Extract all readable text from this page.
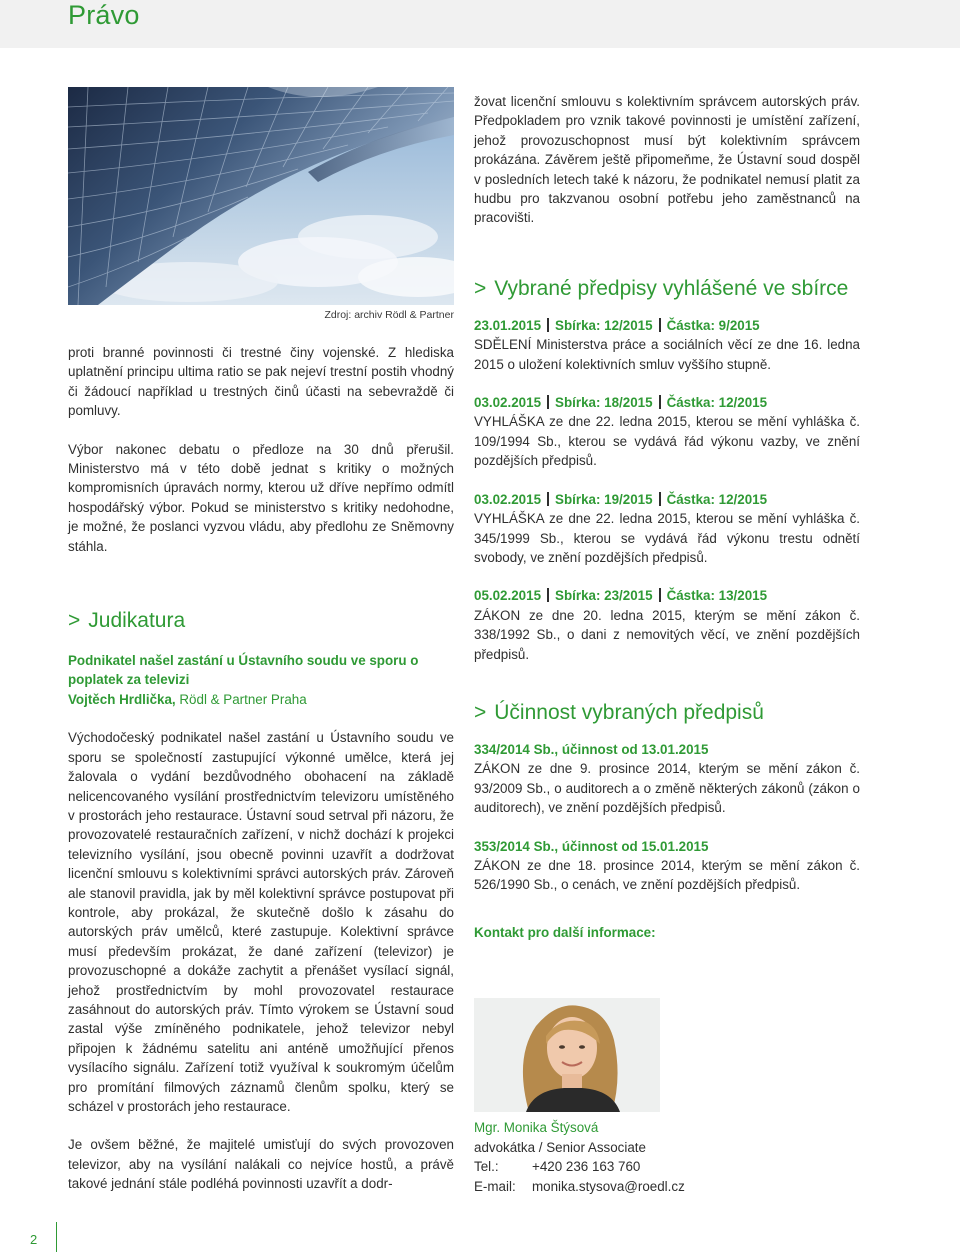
Právo
Zdroj: archiv Rödl & Partner

proti branné povinnosti či trestné činy vojenské. Z hlediska uplatnění principu ultima ratio se pak nejeví trestní postih vhodný či žádoucí například u trestných činů účasti na sebevraždě či pomluvy.

Výbor nakonec debatu o předloze na 30 dnů přerušil. Ministerstvo má v této době jednat s kritiky o možných kompromisních úpravách normy, kterou už dříve nepřímo odmítl hospodářský výbor. Pokud se ministerstvo s kritiky nedohodne, je možné, že poslanci vyzvou vládu, aby předlohu ze Sněmovny stáhla.

> Judikatura

Podnikatel našel zastání u Ústavního soudu ve sporu o poplatek za televizi

Vojtěch Hrdlička, Rödl & Partner Praha

Východočeský podnikatel našel zastání u Ústavního soudu ve sporu se společností zastupující výkonné umělce, která jej žalovala o vydání bezdůvodného obohacení na základě nelicencovaného vysílání prostřednictvím televizoru umístěného v prostorách jeho restaurace. Ústavní soud setrval při názoru, že provozovatelé restauračních zařízení, v nichž dochází k projekci televizního vysílání, jsou obecně povinni uzavřít a dodržovat licenční smlouvu s kolektivními správci autorských práv. Zároveň ale stanovil pravidla, jak by měl kolektivní správce postupovat při kontrole, aby prokázal, že skutečně došlo k zásahu do autorských práv umělců, které zastupuje. Kolektivní správce musí především prokázat, že dané zařízení (televizor) je provozuschopné a dokáže zachytit a přenášet vysílací signál, jehož prostřednictvím by mohl provozovatel restaurace zasáhnout do autorských práv. Tímto výrokem se Ústavní soud zastal výše zmíněného podnikatele, jehož televizor nebyl připojen k žádnému satelitu ani anténě umožňující přenos vysílacího signálu. Zařízení totiž využíval k soukromým účelům pro promítání filmových záznamů členům spolku, který se scházel v prostorách jeho restaurace.

Je ovšem běžné, že majitelé umisťují do svých provozoven televizor, aby na vysílání nalákali co nejvíce hostů, a právě takové jednání stále podléhá povinnosti uzavřít a dodr-

žovat licenční smlouvu s kolektivním správcem autorských práv. Předpokladem pro vznik takové povinnosti je umístění zařízení, jehož provozuschopnost musí být kolektivním správcem prokázána. Závěrem ještě připomeňme, že Ústavní soud dospěl v posledních letech také k názoru, že podnikatel nemusí platit za hudbu pro takzvanou osobní potřebu jeho zaměstnanců na pracovišti.

> Vybrané předpisy vyhlášené ve sbírce

23.01.2015 Sbírka: 12/2015 Částka: 9/2015

SDĚLENÍ Ministerstva práce a sociálních věcí ze dne 16. ledna 2015 o uložení kolektivních smluv vyššího stupně.

03.02.2015 Sbírka: 18/2015 Částka: 12/2015

VYHLÁŠKA ze dne 22. ledna 2015, kterou se mění vyhláška č. 109/1994 Sb., kterou se vydává řád výkonu vazby, ve znění pozdějších předpisů.

03.02.2015 Sbírka: 19/2015 Částka: 12/2015

VYHLÁŠKA ze dne 22. ledna 2015, kterou se mění vyhláška č. 345/1999 Sb., kterou se vydává řád výkonu trestu odnětí svobody, ve znění pozdějších předpisů.

05.02.2015 Sbírka: 23/2015 Částka: 13/2015

ZÁKON ze dne 20. ledna 2015, kterým se mění zákon č. 338/1992 Sb., o dani z nemovitých věcí, ve znění pozdějších předpisů.

> Účinnost vybraných předpisů

334/2014 Sb., účinnost od 13.01.2015

ZÁKON ze dne 9. prosince 2014, kterým se mění zákon č. 93/2009 Sb., o auditorech a o změně některých zákonů (zákon o auditorech), ve znění pozdějších předpisů.

353/2014 Sb., účinnost od 15.01.2015

ZÁKON ze dne 18. prosince 2014, kterým se mění zákon č. 526/1990 Sb., o cenách, ve znění pozdějších předpisů.

Kontakt pro další informace:

Mgr. Monika Štýsová

advokátka / Senior Associate

Tel.: +420 236 163 760

E-mail: monika.stysova@roedl.cz

2
